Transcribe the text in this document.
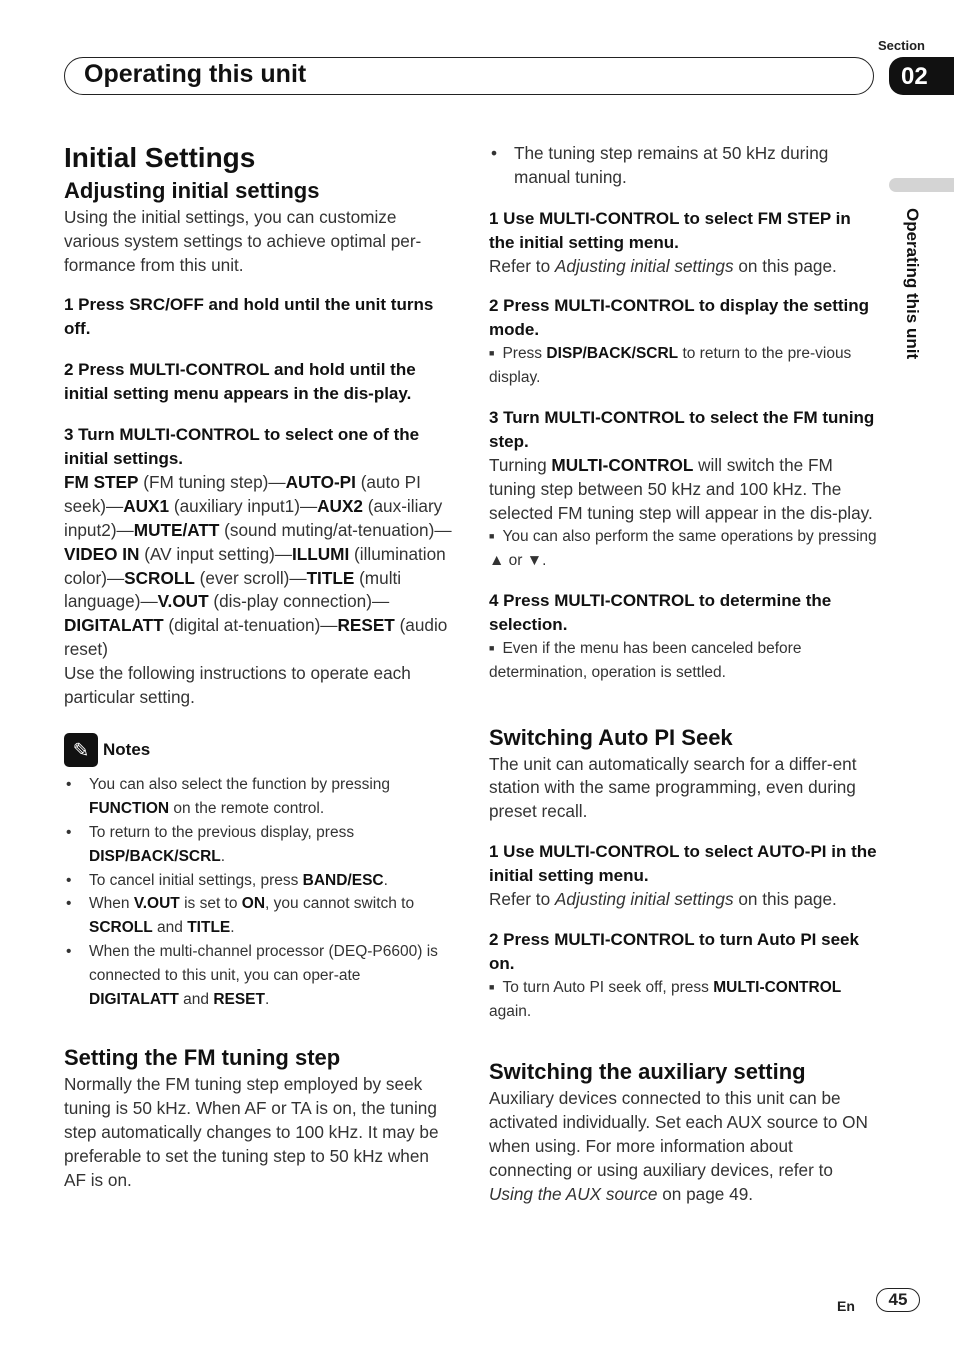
Section
Operating this unit	02
Operating this unit
Initial Settings
Adjusting initial settings

Using the initial settings, you can customize various system settings to achieve optimal per-formance from this unit.

1 Press SRC/OFF and hold until the unit turns off.

2 Press MULTI-CONTROL and hold until the initial setting menu appears in the dis-play.

3 Turn MULTI-CONTROL to select one of the initial settings.

FM STEP (FM tuning step)—AUTO-PI (auto PI seek)—AUX1 (auxiliary input1)—AUX2 (aux-iliary input2)—MUTE/ATT (sound muting/at-tenuation)—VIDEO IN (AV input setting)—ILLUMI (illumination color)—SCROLL (ever scroll)—TITLE (multi language)—V.OUT (dis-play connection)—DIGITALATT (digital at-tenuation)—RESET (audio reset)

Use the following instructions to operate each particular setting.

✎ Notes

• You can also select the function by pressing FUNCTION on the remote control.

• To return to the previous display, press DISP/BACK/SCRL.

• To cancel initial settings, press BAND/ESC.

• When V.OUT is set to ON, you cannot switch to SCROLL and TITLE.

• When the multi-channel processor (DEQ-P6600) is connected to this unit, you can oper-ate DIGITALATT and RESET.

Setting the FM tuning step

Normally the FM tuning step employed by seek tuning is 50 kHz. When AF or TA is on, the tuning step automatically changes to 100 kHz. It may be preferable to set the tuning step to 50 kHz when AF is on.

• The tuning step remains at 50 kHz during manual tuning.

1 Use MULTI-CONTROL to select FM STEP in the initial setting menu.

Refer to Adjusting initial settings on this page.

2 Press MULTI-CONTROL to display the setting mode.

■ Press DISP/BACK/SCRL to return to the pre-vious display.

3 Turn MULTI-CONTROL to select the FM tuning step.

Turning MULTI-CONTROL will switch the FM tuning step between 50 kHz and 100 kHz. The selected FM tuning step will appear in the dis-play.

■ You can also perform the same operations by pressing ▲ or ▼.

4 Press MULTI-CONTROL to determine the selection.

■ Even if the menu has been canceled before determination, operation is settled.

Switching Auto PI Seek

The unit can automatically search for a differ-ent station with the same programming, even during preset recall.

1 Use MULTI-CONTROL to select AUTO-PI in the initial setting menu.

Refer to Adjusting initial settings on this page.

2 Press MULTI-CONTROL to turn Auto PI seek on.

■ To turn Auto PI seek off, press MULTI-CONTROL again.

Switching the auxiliary setting

Auxiliary devices connected to this unit can be activated individually. Set each AUX source to ON when using. For more information about connecting or using auxiliary devices, refer to Using the AUX source on page 49.

En	45
